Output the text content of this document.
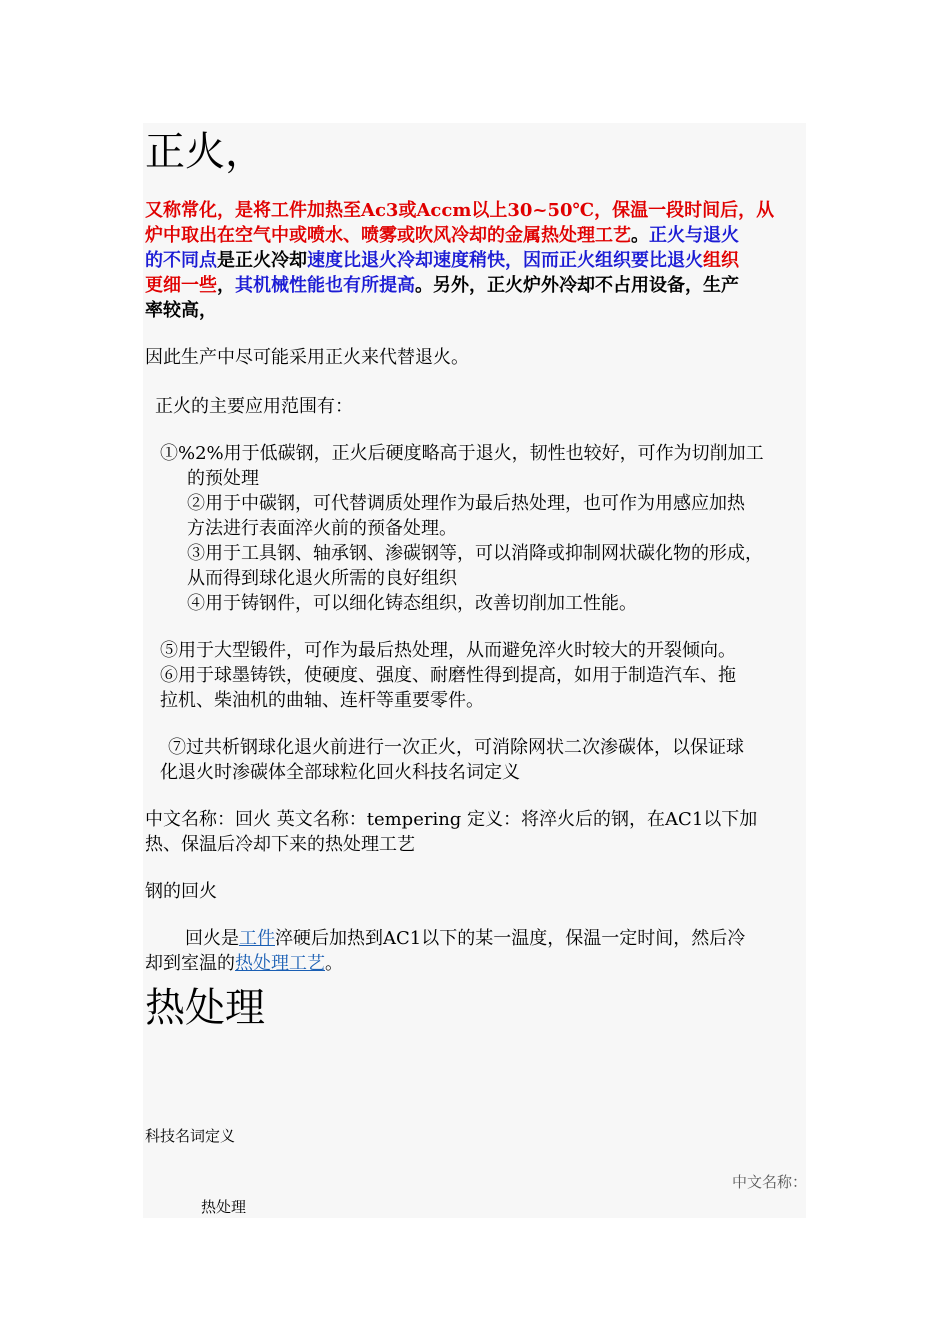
正火，
又称常化，是将工件加热至Ac3或Accm以上30~50℃，保温一段时间后，从
炉中取出在空气中或喷水、喷雾或吹风冷却的金属热处理工艺。正火与退火
的不同点是正火冷却速度比退火冷却速度稍快，因而正火组织要比退火组织
更细一些，其机械性能也有所提高。另外，正火炉外冷却不占用设备，生产
率较高，
因此生产中尽可能采用正火来代替退火。
正火的主要应用范围有：
①%2%用于低碳钢，正火后硬度略高于退火，韧性也较好，可作为切削加工
的预处理
②用于中碳钢，可代替调质处理作为最后热处理，也可作为用感应加热
方法进行表面淬火前的预备处理。
③用于工具钢、轴承钢、渗碳钢等，可以消降或抑制网状碳化物的形成，
从而得到球化退火所需的良好组织
④用于铸钢件，可以细化铸态组织，改善切削加工性能。
⑤用于大型锻件，可作为最后热处理，从而避免淬火时较大的开裂倾向。
⑥用于球墨铸铁，使硬度、强度、耐磨性得到提高，如用于制造汽车、拖
拉机、柴油机的曲轴、连杆等重要零件。
⑦过共析钢球化退火前进行一次正火，可消除网状二次渗碳体，以保证球
化退火时渗碳体全部球粒化回火科技名词定义
中文名称：回火 英文名称：tempering 定义：将淬火后的钢，在AC1以下加
热、保温后冷却下来的热处理工艺
钢的回火
回火是工件淬硬后加热到AC1以下的某一温度，保温一定时间，然后冷
却到室温的热处理工艺。
热处理
科技名词定义
中文名称：
热处理
